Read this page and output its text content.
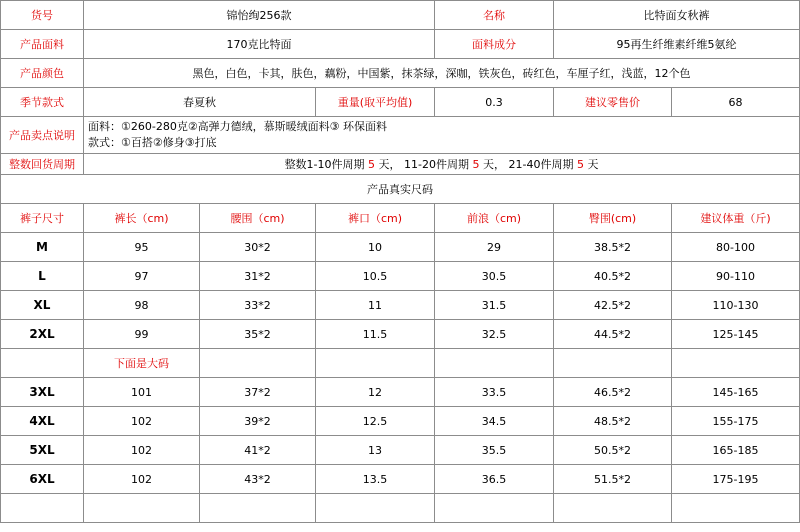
货号	锦怡绚256款			名称	比特面女秋裤	
产品面料	170克比特面			面料成分	95再生纤维素纤维5氨纶	
产品颜色	黑色，白色，卡其，肤色，藕粉，中国紫，抹茶绿，深咖，铁灰色，砖红色，车厘子红，浅蓝，12个色					
季节款式	春夏秋		重量(取平均值)	0.3	建议零售价	68
产品卖点说明	面料：①260-280克②高弹力德绒，慕斯暖绒面料③ 环保面料
款式：①百搭②修身③打底					

整数回货周期	整数1-10件周期 5 天， 11-20件周期 5 天， 21-40件周期 5 天					
产品真实尺码						
裤子尺寸	裤长（cm)	腰围（cm)	裤口（cm)	前浪（cm)	臀围(cm)	建议体重（斤)
M	95	30*2	10	29	38.5*2	80-100
L	97	31*2	10.5	30.5	40.5*2	90-110
XL	98	33*2	11	31.5	42.5*2	110-130
2XL	99	35*2	11.5	32.5	44.5*2	125-145
	下面是大码					
3XL	101	37*2	12	33.5	46.5*2	145-165
4XL	102	39*2	12.5	34.5	48.5*2	155-175
5XL	102	41*2	13	35.5	50.5*2	165-185
6XL	102	43*2	13.5	36.5	51.5*2	175-195
